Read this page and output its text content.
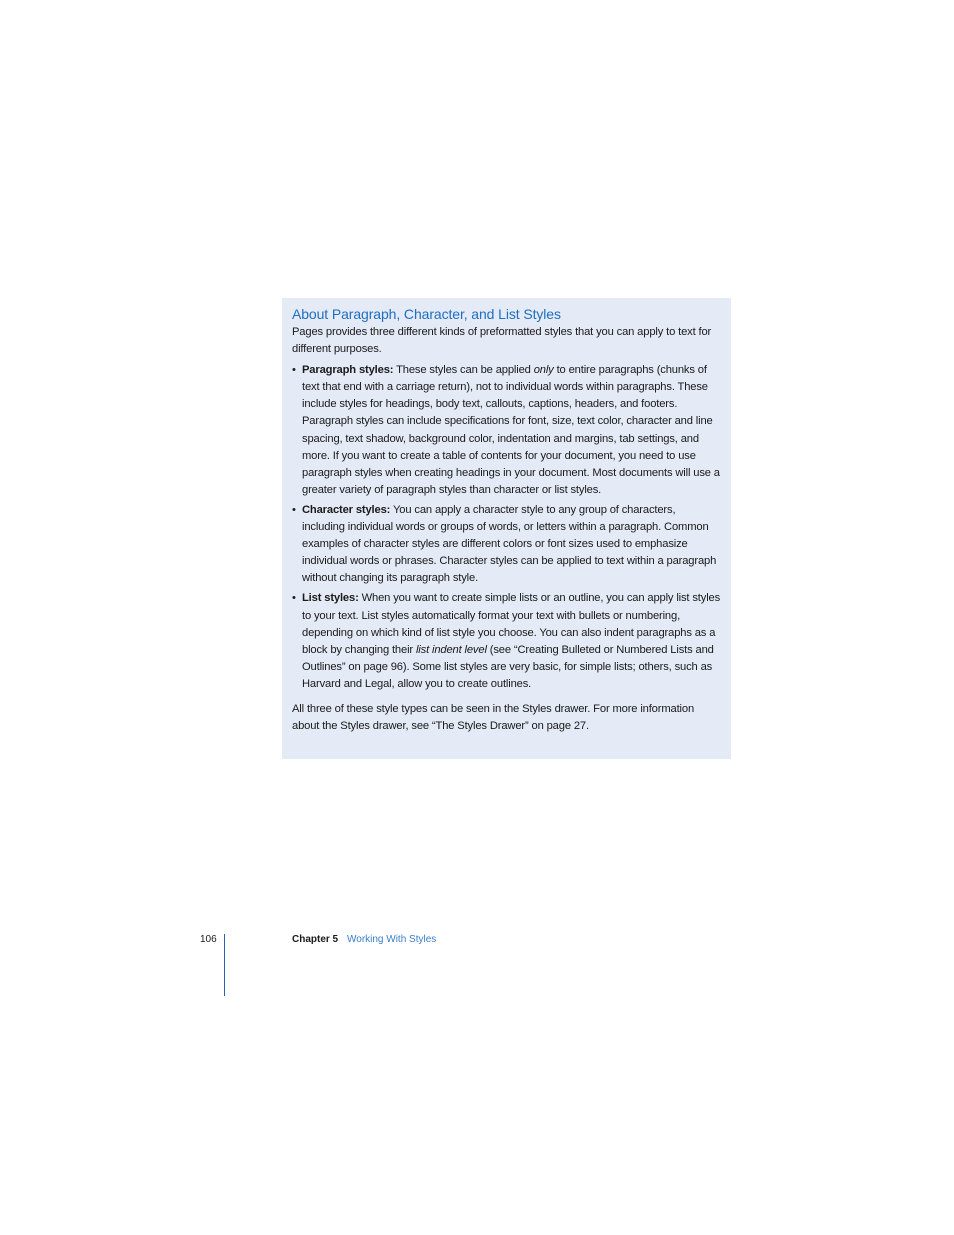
About Paragraph, Character, and List Styles

Pages provides three different kinds of preformatted styles that you can apply to text for different purposes.

• Paragraph styles: These styles can be applied only to entire paragraphs (chunks of text that end with a carriage return), not to individual words within paragraphs. These include styles for headings, body text, callouts, captions, headers, and footers. Paragraph styles can include specifications for font, size, text color, character and line spacing, text shadow, background color, indentation and margins, tab settings, and more. If you want to create a table of contents for your document, you need to use paragraph styles when creating headings in your document. Most documents will use a greater variety of paragraph styles than character or list styles.
• Character styles: You can apply a character style to any group of characters, including individual words or groups of words, or letters within a paragraph. Common examples of character styles are different colors or font sizes used to emphasize individual words or phrases. Character styles can be applied to text within a paragraph without changing its paragraph style.
• List styles: When you want to create simple lists or an outline, you can apply list styles to your text. List styles automatically format your text with bullets or numbering, depending on which kind of list style you choose. You can also indent paragraphs as a block by changing their list indent level (see “Creating Bulleted or Numbered Lists and Outlines” on page 96). Some list styles are very basic, for simple lists; others, such as Harvard and Legal, allow you to create outlines.

All three of these style types can be seen in the Styles drawer. For more information about the Styles drawer, see “The Styles Drawer” on page 27.

106	Chapter 5 Working With Styles
